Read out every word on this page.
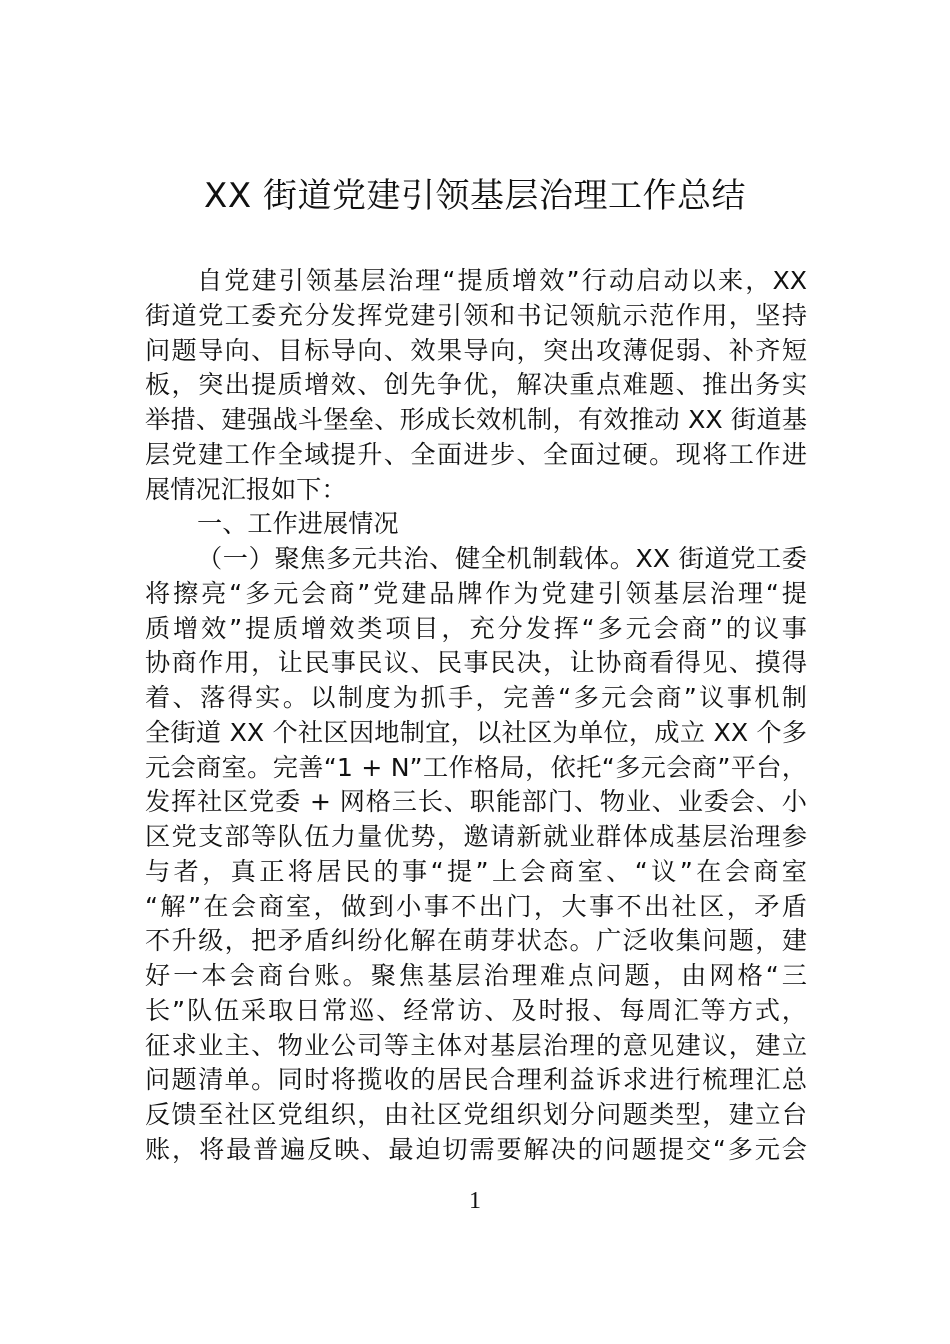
XX 街道党建引领基层治理工作总结
自党建引领基层治理“提质增效”行动启动以来，XX
街道党工委充分发挥党建引领和书记领航示范作用，坚持
问题导向、目标导向、效果导向，突出攻薄促弱、补齐短
板，突出提质增效、创先争优，解决重点难题、推出务实
举措、建强战斗堡垒、形成长效机制，有效推动 XX 街道基
层党建工作全域提升、全面进步、全面过硬。现将工作进
展情况汇报如下：
一、工作进展情况
（一）聚焦多元共治、健全机制载体。XX 街道党工委
将擦亮“多元会商”党建品牌作为党建引领基层治理“提
质增效”提质增效类项目，充分发挥“多元会商”的议事
协商作用，让民事民议、民事民决，让协商看得见、摸得
着、落得实。以制度为抓手，完善“多元会商”议事机制
全街道 XX 个社区因地制宜，以社区为单位，成立 XX 个多
元会商室。完善“1 + N”工作格局，依托“多元会商”平台，
发挥社区党委 + 网格三长、职能部门、物业、业委会、小
区党支部等队伍力量优势，邀请新就业群体成基层治理参
与者，真正将居民的事“提”上会商室、“议”在会商室
“解”在会商室，做到小事不出门，大事不出社区，矛盾
不升级，把矛盾纠纷化解在萌芽状态。广泛收集问题，建
好一本会商台账。聚焦基层治理难点问题，由网格“三
长”队伍采取日常巡、经常访、及时报、每周汇等方式，
征求业主、物业公司等主体对基层治理的意见建议，建立
问题清单。同时将揽收的居民合理利益诉求进行梳理汇总
反馈至社区党组织，由社区党组织划分问题类型，建立台
账，将最普遍反映、最迫切需要解决的问题提交“多元会
1
